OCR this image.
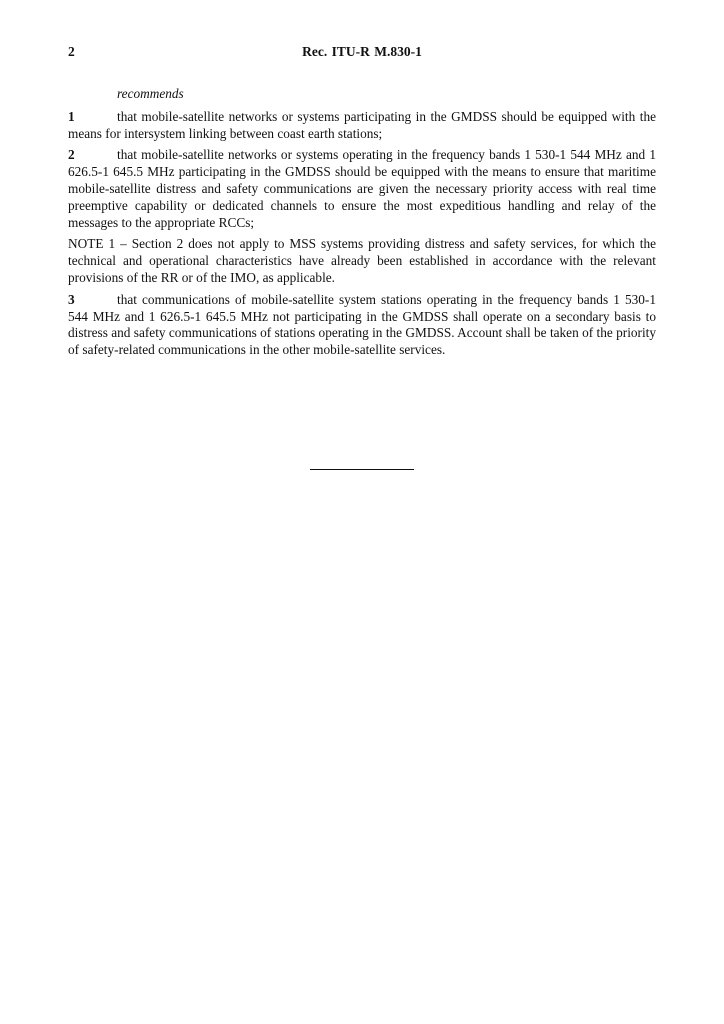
2	Rec. ITU-R M.830-1

recommends

1	that mobile-satellite networks or systems participating in the GMDSS should be equipped with the means for intersystem linking between coast earth stations;

2	that mobile-satellite networks or systems operating in the frequency bands 1 530-1 544 MHz and 1 626.5-1 645.5 MHz participating in the GMDSS should be equipped with the means to ensure that maritime mobile-satellite distress and safety communications are given the necessary priority access with real time preemptive capability or dedicated channels to ensure the most expeditious handling and relay of the messages to the appropriate RCCs;

NOTE 1 – Section 2 does not apply to MSS systems providing distress and safety services, for which the technical and operational characteristics have already been established in accordance with the relevant provisions of the RR or of the IMO, as applicable.

3	that communications of mobile-satellite system stations operating in the frequency bands 1 530-1 544 MHz and 1 626.5-1 645.5 MHz not participating in the GMDSS shall operate on a secondary basis to distress and safety communications of stations operating in the GMDSS. Account shall be taken of the priority of safety-related communications in the other mobile-satellite services.
